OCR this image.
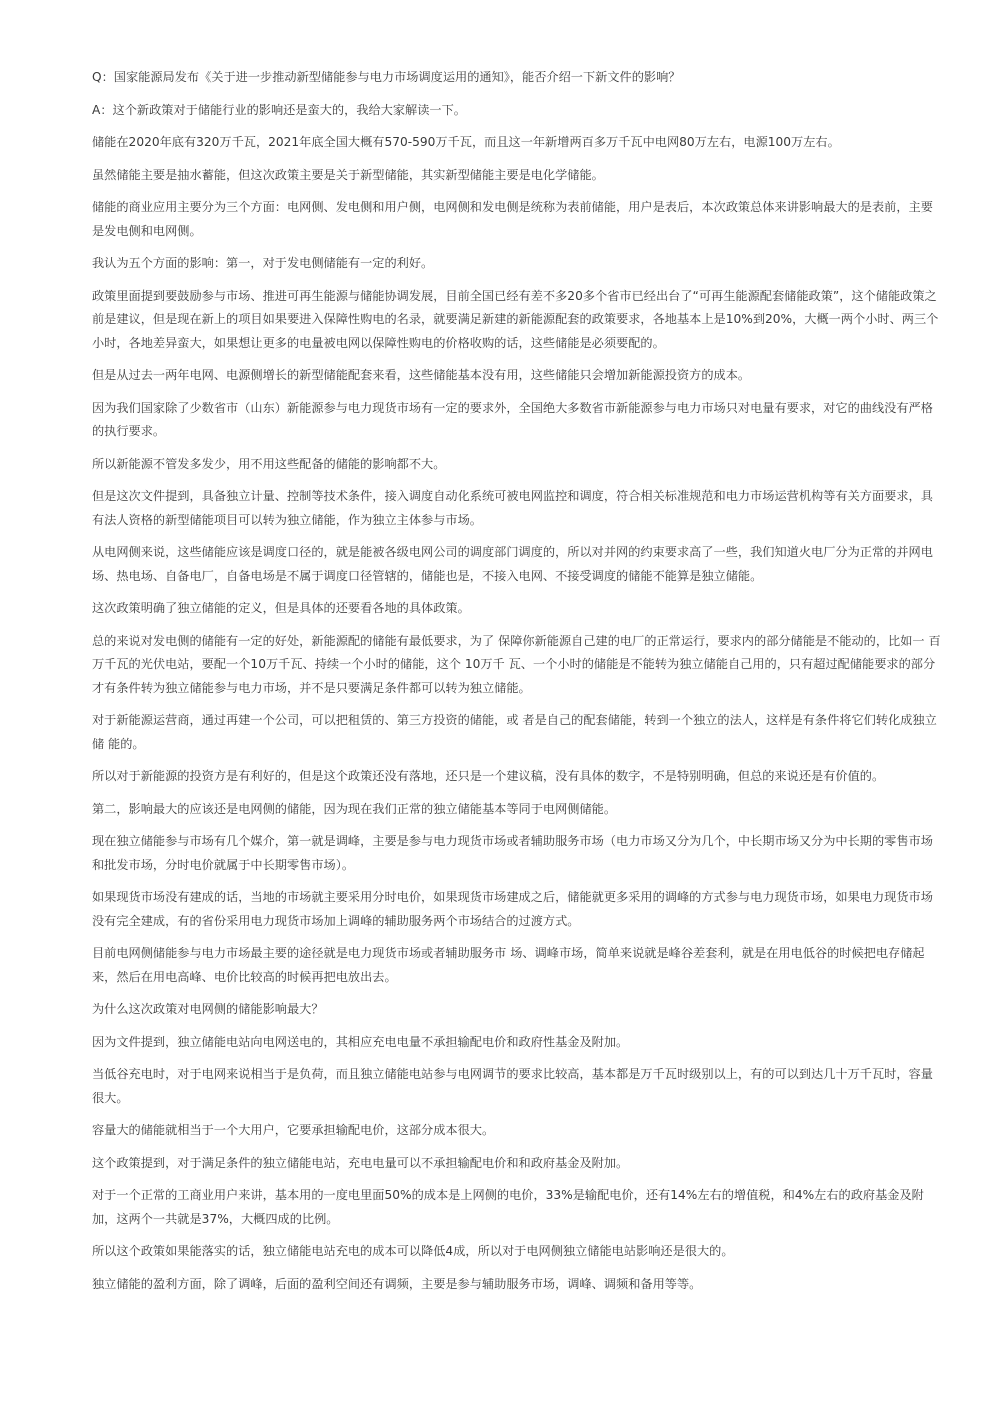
Q：国家能源局发布《关于进一步推动新型储能参与电力市场调度运用的通知》，能否介绍一下新文件的影响？

A：这个新政策对于储能行业的影响还是蛮大的，我给大家解读一下。

储能在2020年底有320万千瓦，2021年底全国大概有570-590万千瓦，而且这一年新增两百多万千瓦中电网80万左右，电源100万左右。

虽然储能主要是抽水蓄能，但这次政策主要是关于新型储能，其实新型储能主要是电化学储能。

储能的商业应用主要分为三个方面：电网侧、发电侧和用户侧，电网侧和发电侧是统称为表前储能，用户是表后，本次政策总体来讲影响最大的是表前，主要是发电侧和电网侧。

我认为五个方面的影响：第一，对于发电侧储能有一定的利好。

政策里面提到要鼓励参与市场、推进可再生能源与储能协调发展，目前全国已经有差不多20多个省市已经出台了“可再生能源配套储能政策”，这个储能政策之前是建议，但是现在新上的项目如果要进入保障性购电的名录，就要满足新建的新能源配套的政策要求，各地基本上是10%到20%，大概一两个小时、两三个小时，各地差异蛮大，如果想让更多的电量被电网以保障性购电的价格收购的话，这些储能是必须要配的。

但是从过去一两年电网、电源侧增长的新型储能配套来看，这些储能基本没有用，这些储能只会增加新能源投资方的成本。

因为我们国家除了少数省市（山东）新能源参与电力现货市场有一定的要求外，全国绝大多数省市新能源参与电力市场只对电量有要求，对它的曲线没有严格的执行要求。

所以新能源不管发多发少，用不用这些配备的储能的影响都不大。

但是这次文件提到，具备独立计量、控制等技术条件，接入调度自动化系统可被电网监控和调度，符合相关标准规范和电力市场运营机构等有关方面要求，具有法人资格的新型储能项目可以转为独立储能，作为独立主体参与市场。

从电网侧来说，这些储能应该是调度口径的，就是能被各级电网公司的调度部门调度的，所以对并网的约束要求高了一些，我们知道火电厂分为正常的并网电场、热电场、自备电厂，自备电场是不属于调度口径管辖的，储能也是，不接入电网、不接受调度的储能不能算是独立储能。

这次政策明确了独立储能的定义，但是具体的还要看各地的具体政策。

总的来说对发电侧的储能有一定的好处，新能源配的储能有最低要求，为了 保障你新能源自己建的电厂的正常运行，要求内的部分储能是不能动的，比如一 百万千瓦的光伏电站，要配一个10万千瓦、持续一个小时的储能，这个 10万千 瓦、一个小时的储能是不能转为独立储能自己用的，只有超过配储能要求的部分 才有条件转为独立储能参与电力市场，并不是只要满足条件都可以转为独立储能。

对于新能源运营商，通过再建一个公司，可以把租赁的、第三方投资的储能，或 者是自己的配套储能，转到一个独立的法人，这样是有条件将它们转化成独立储 能的。

所以对于新能源的投资方是有利好的，但是这个政策还没有落地，还只是一个建议稿，没有具体的数字，不是特别明确，但总的来说还是有价值的。

第二，影响最大的应该还是电网侧的储能，因为现在我们正常的独立储能基本等同于电网侧储能。

现在独立储能参与市场有几个媒介，第一就是调峰，主要是参与电力现货市场或者辅助服务市场（电力市场又分为几个，中长期市场又分为中长期的零售市场和批发市场，分时电价就属于中长期零售市场）。

如果现货市场没有建成的话，当地的市场就主要采用分时电价，如果现货市场建成之后，储能就更多采用的调峰的方式参与电力现货市场，如果电力现货市场没有完全建成，有的省份采用电力现货市场加上调峰的辅助服务两个市场结合的过渡方式。

目前电网侧储能参与电力市场最主要的途径就是电力现货市场或者辅助服务市 场、调峰市场，简单来说就是峰谷差套利，就是在用电低谷的时候把电存储起来，然后在用电高峰、电价比较高的时候再把电放出去。

为什么这次政策对电网侧的储能影响最大？

因为文件提到，独立储能电站向电网送电的，其相应充电电量不承担输配电价和政府性基金及附加。

当低谷充电时，对于电网来说相当于是负荷，而且独立储能电站参与电网调节的要求比较高，基本都是万千瓦时级别以上，有的可以到达几十万千瓦时，容量很大。

容量大的储能就相当于一个大用户，它要承担输配电价，这部分成本很大。

这个政策提到，对于满足条件的独立储能电站，充电电量可以不承担输配电价和和政府基金及附加。

对于一个正常的工商业用户来讲，基本用的一度电里面50%的成本是上网侧的电价，33%是输配电价，还有14%左右的增值税，和4%左右的政府基金及附加，这两个一共就是37%，大概四成的比例。

所以这个政策如果能落实的话，独立储能电站充电的成本可以降低4成，所以对于电网侧独立储能电站影响还是很大的。

独立储能的盈利方面，除了调峰，后面的盈利空间还有调频，主要是参与辅助服务市场，调峰、调频和备用等等。
